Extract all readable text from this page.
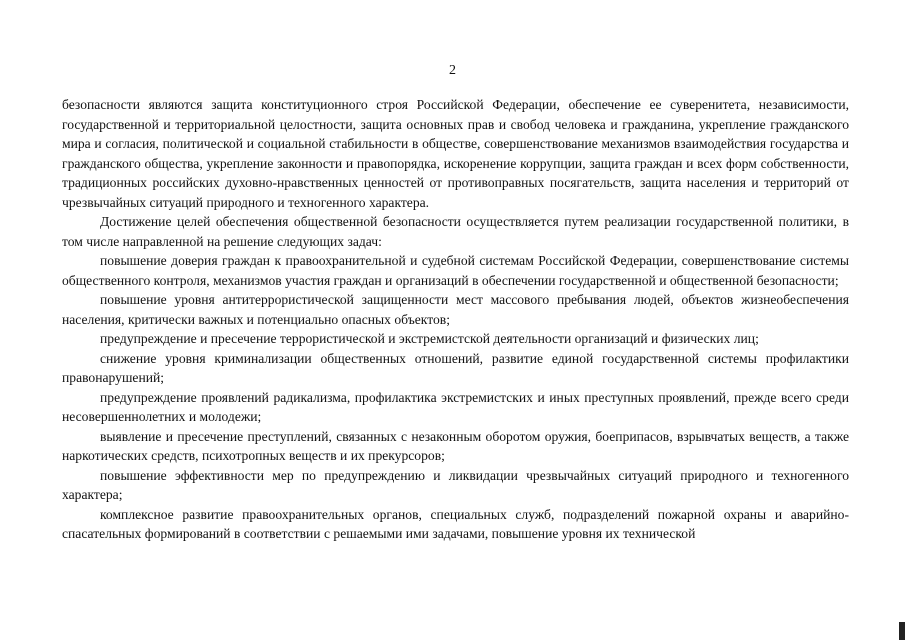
2

безопасности являются защита конституционного строя Российской Федерации, обеспечение ее суверенитета, независимости, государственной и территориальной целостности, защита основных прав и свобод человека и гражданина, укрепление гражданского мира и согласия, политической и социальной стабильности в обществе, совершенствование механизмов взаимодействия государства и гражданского общества, укрепление законности и правопорядка, искоренение коррупции, защита граждан и всех форм собственности, традиционных российских духовно-нравственных ценностей от противоправных посягательств, защита населения и территорий от чрезвычайных ситуаций природного и техногенного характера.

Достижение целей обеспечения общественной безопасности осуществляется путем реализации государственной политики, в том числе направленной на решение следующих задач:

повышение доверия граждан к правоохранительной и судебной системам Российской Федерации, совершенствование системы общественного контроля, механизмов участия граждан и организаций в обеспечении государственной и общественной безопасности;

повышение уровня антитеррористической защищенности мест массового пребывания людей, объектов жизнеобеспечения населения, критически важных и потенциально опасных объектов;

предупреждение и пресечение террористической и экстремистской деятельности организаций и физических лиц;

снижение уровня криминализации общественных отношений, развитие единой государственной системы профилактики правонарушений;

предупреждение проявлений радикализма, профилактика экстремистских и иных преступных проявлений, прежде всего среди несовершеннолетних и молодежи;

выявление и пресечение преступлений, связанных с незаконным оборотом оружия, боеприпасов, взрывчатых веществ, а также наркотических средств, психотропных веществ и их прекурсоров;

повышение эффективности мер по предупреждению и ликвидации чрезвычайных ситуаций природного и техногенного характера;

комплексное развитие правоохранительных органов, специальных служб, подразделений пожарной охраны и аварийно-спасательных формирований в соответствии с решаемыми ими задачами, повышение уровня их технической
